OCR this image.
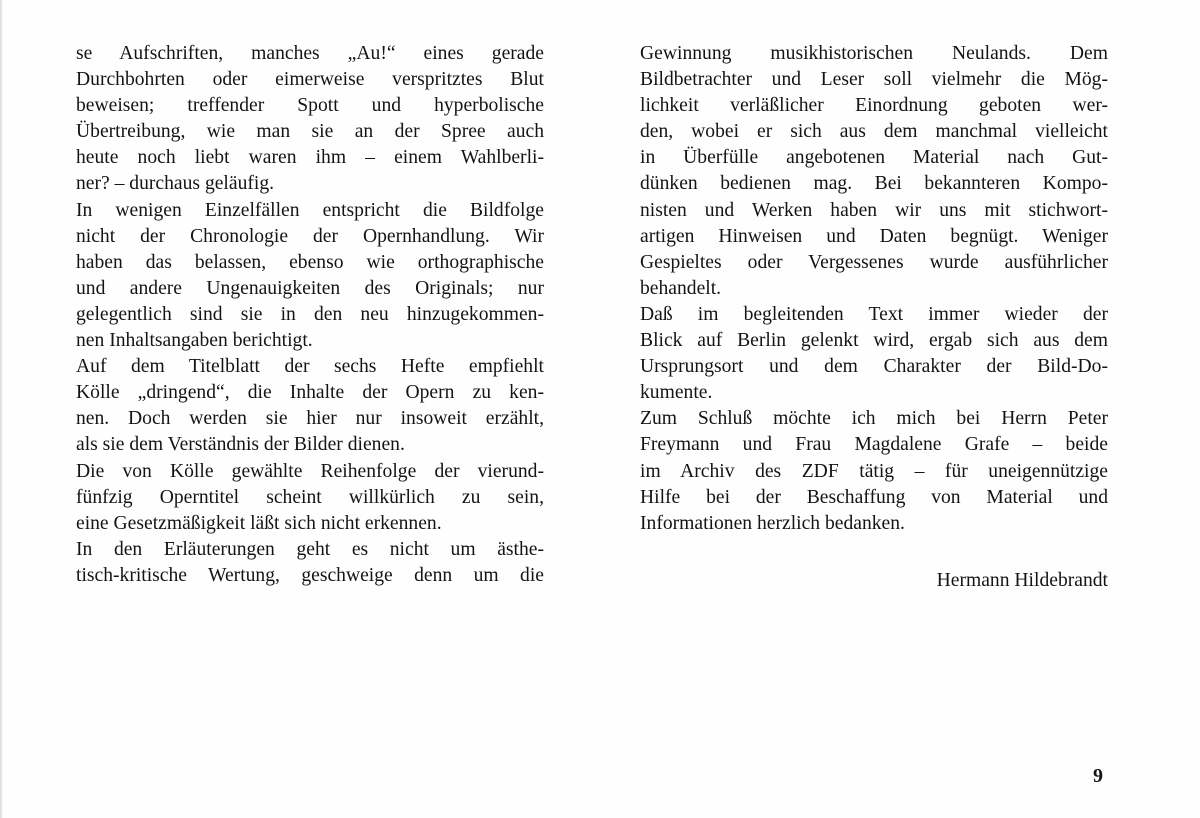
se Aufschriften, manches „Au!“ eines gerade
Durchbohrten oder eimerweise verspritztes Blut
beweisen; treffender Spott und hyperbolische
Übertreibung, wie man sie an der Spree auch
heute noch liebt waren ihm – einem Wahlberli-
ner? – durchaus geläufig.
In wenigen Einzelfällen entspricht die Bildfolge
nicht der Chronologie der Opernhandlung. Wir
haben das belassen, ebenso wie orthographische
und andere Ungenauigkeiten des Originals; nur
gelegentlich sind sie in den neu hinzugekommen-
nen Inhaltsangaben berichtigt.
Auf dem Titelblatt der sechs Hefte empfiehlt
Kölle „dringend“, die Inhalte der Opern zu ken-
nen. Doch werden sie hier nur insoweit erzählt,
als sie dem Verständnis der Bilder dienen.
Die von Kölle gewählte Reihenfolge der vierund-
fünfzig Operntitel scheint willkürlich zu sein,
eine Gesetzmäßigkeit läßt sich nicht erkennen.
In den Erläuterungen geht es nicht um ästhe-
tisch-kritische Wertung, geschweige denn um die
Gewinnung musikhistorischen Neulands. Dem
Bildbetrachter und Leser soll vielmehr die Mög-
lichkeit verläßlicher Einordnung geboten wer-
den, wobei er sich aus dem manchmal vielleicht
in Überfülle angebotenen Material nach Gut-
dünken bedienen mag. Bei bekannteren Kompo-
nisten und Werken haben wir uns mit stichwort-
artigen Hinweisen und Daten begnügt. Weniger
Gespieltes oder Vergessenes wurde ausführlicher
behandelt.
Daß im begleitenden Text immer wieder der
Blick auf Berlin gelenkt wird, ergab sich aus dem
Ursprungsort und dem Charakter der Bild-Do-
kumente.
Zum Schluß möchte ich mich bei Herrn Peter
Freymann und Frau Magdalene Grafe – beide
im Archiv des ZDF tätig – für uneigennützige
Hilfe bei der Beschaffung von Material und
Informationen herzlich bedanken.
Hermann Hildebrandt
9
